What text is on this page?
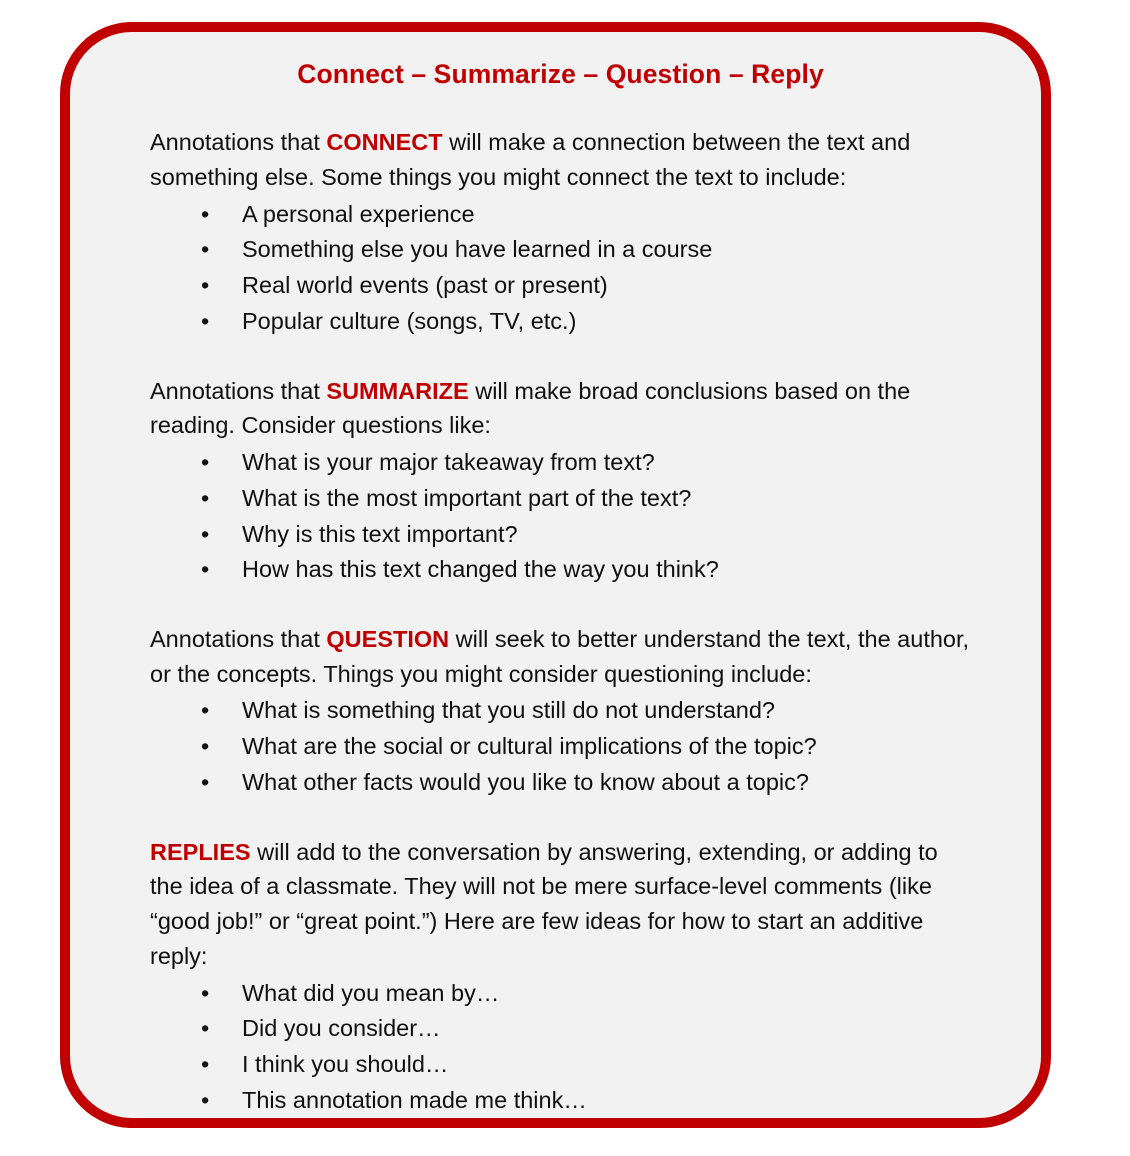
Connect – Summarize – Question – Reply

Annotations that CONNECT will make a connection between the text and something else. Some things you might connect the text to include:

• A personal experience
• Something else you have learned in a course
• Real world events (past or present)
• Popular culture (songs, TV, etc.)

Annotations that SUMMARIZE will make broad conclusions based on the reading. Consider questions like:

• What is your major takeaway from text?
• What is the most important part of the text?
• Why is this text important?
• How has this text changed the way you think?

Annotations that QUESTION will seek to better understand the text, the author, or the concepts. Things you might consider questioning include:

• What is something that you still do not understand?
• What are the social or cultural implications of the topic?
• What other facts would you like to know about a topic?

REPLIES will add to the conversation by answering, extending, or adding to the idea of a classmate. They will not be mere surface-level comments (like “good job!” or “great point.”) Here are few ideas for how to start an additive reply:

• What did you mean by…
• Did you consider…
• I think you should…
• This annotation made me think…
